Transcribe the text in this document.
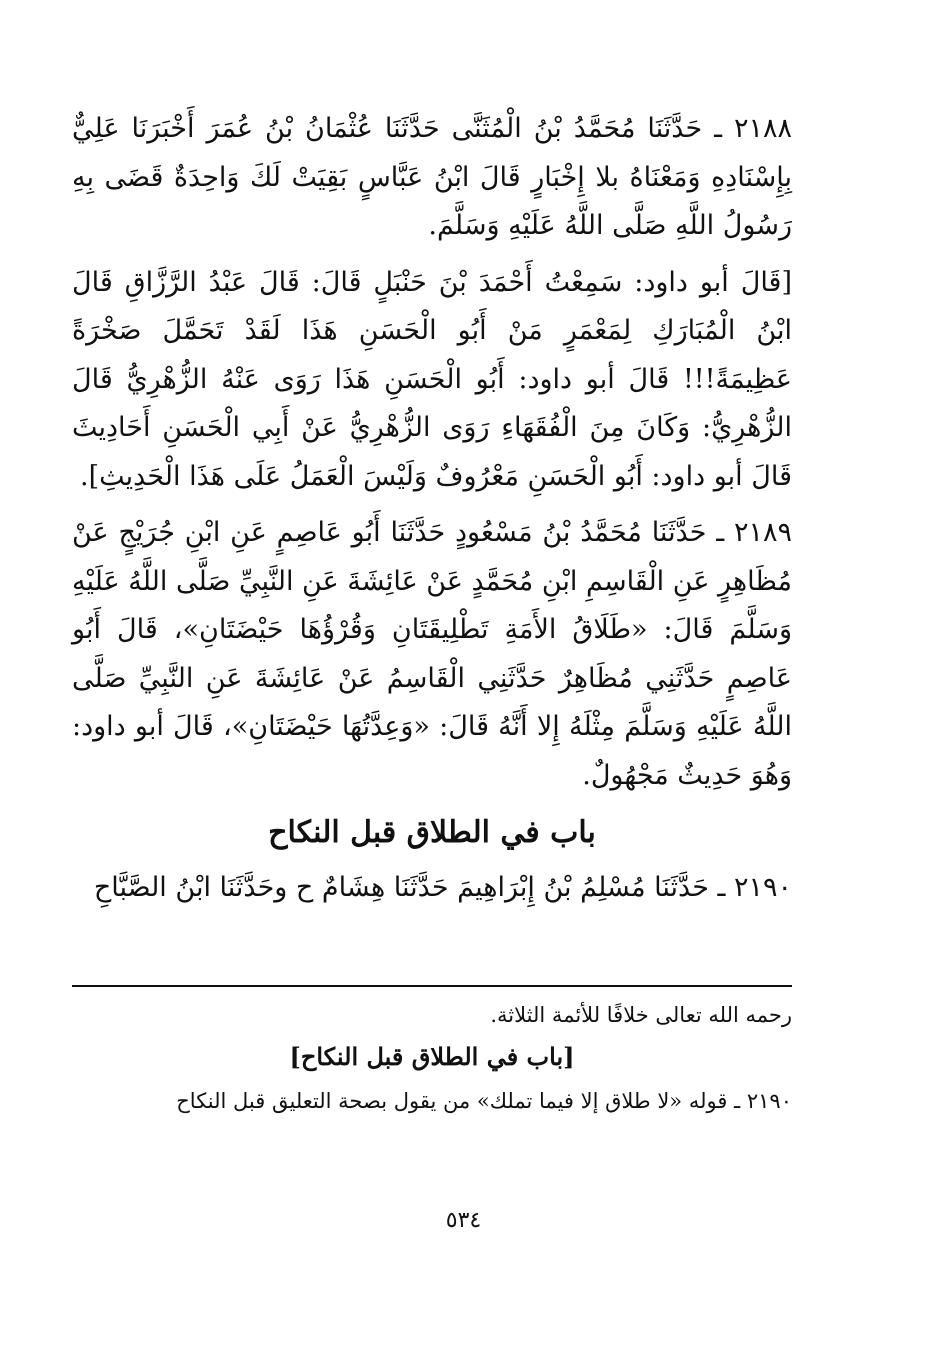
٢١٨٨ ـ حَدَّثَنَا مُحَمَّدُ بْنُ الْمُثَنَّى حَدَّثَنَا عُثْمَانُ بْنُ عُمَرَ أَخْبَرَنَا عَلِيٌّ بِإِسْنَادِهِ وَمَعْنَاهُ بلا إِخْبَارٍ قَالَ ابْنُ عَبَّاسٍ بَقِيَتْ لَكَ وَاحِدَةٌ قَضَى بِهِ رَسُولُ اللَّهِ صَلَّى اللَّهُ عَلَيْهِ وَسَلَّمَ.

[قَالَ أبو داود: سَمِعْتُ أَحْمَدَ بْنَ حَنْبَلٍ قَالَ: قَالَ عَبْدُ الرَّزَّاقِ قَالَ ابْنُ الْمُبَارَكِ لِمَعْمَرٍ مَنْ أَبُو الْحَسَنِ هَذَا لَقَدْ تَحَمَّلَ صَخْرَةً عَظِيمَةً!!! قَالَ أبو داود: أَبُو الْحَسَنِ هَذَا رَوَى عَنْهُ الزُّهْرِيُّ قَالَ الزُّهْرِيُّ: وَكَانَ مِنَ الْفُقَهَاءِ رَوَى الزُّهْرِيُّ عَنْ أَبِي الْحَسَنِ أَحَادِيثَ قَالَ أبو داود: أَبُو الْحَسَنِ مَعْرُوفٌ وَلَيْسَ الْعَمَلُ عَلَى هَذَا الْحَدِيثِ].

٢١٨٩ ـ حَدَّثَنَا مُحَمَّدُ بْنُ مَسْعُودٍ حَدَّثَنَا أَبُو عَاصِمٍ عَنِ ابْنِ جُرَيْجٍ عَنْ مُظَاهِرٍ عَنِ الْقَاسِمِ ابْنِ مُحَمَّدٍ عَنْ عَائِشَةَ عَنِ النَّبِيِّ صَلَّى اللَّهُ عَلَيْهِ وَسَلَّمَ قَالَ: «طَلَاقُ الأَمَةِ تَطْلِيقَتَانِ وَقُرْؤُهَا حَيْضَتَانِ»، قَالَ أَبُو عَاصِمٍ حَدَّثَنِي مُظَاهِرٌ حَدَّثَنِي الْقَاسِمُ عَنْ عَائِشَةَ عَنِ النَّبِيِّ صَلَّى اللَّهُ عَلَيْهِ وَسَلَّمَ مِثْلَهُ إِلا أَنَّهُ قَالَ: «وَعِدَّتُهَا حَيْضَتَانِ»، قَالَ أبو داود: وَهُوَ حَدِيثٌ مَجْهُولٌ.

باب في الطلاق قبل النكاح

٢١٩٠ ـ حَدَّثَنَا مُسْلِمُ بْنُ إِبْرَاهِيمَ حَدَّثَنَا هِشَامٌ ح وحَدَّثَنَا ابْنُ الصَّبَّاحِ

رحمه الله تعالى خلافًا للأئمة الثلاثة.
[باب في الطلاق قبل النكاح]
٢١٩٠ ـ قوله «لا طلاق إلا فيما تملك» من يقول بصحة التعليق قبل النكاح
٥٣٤
